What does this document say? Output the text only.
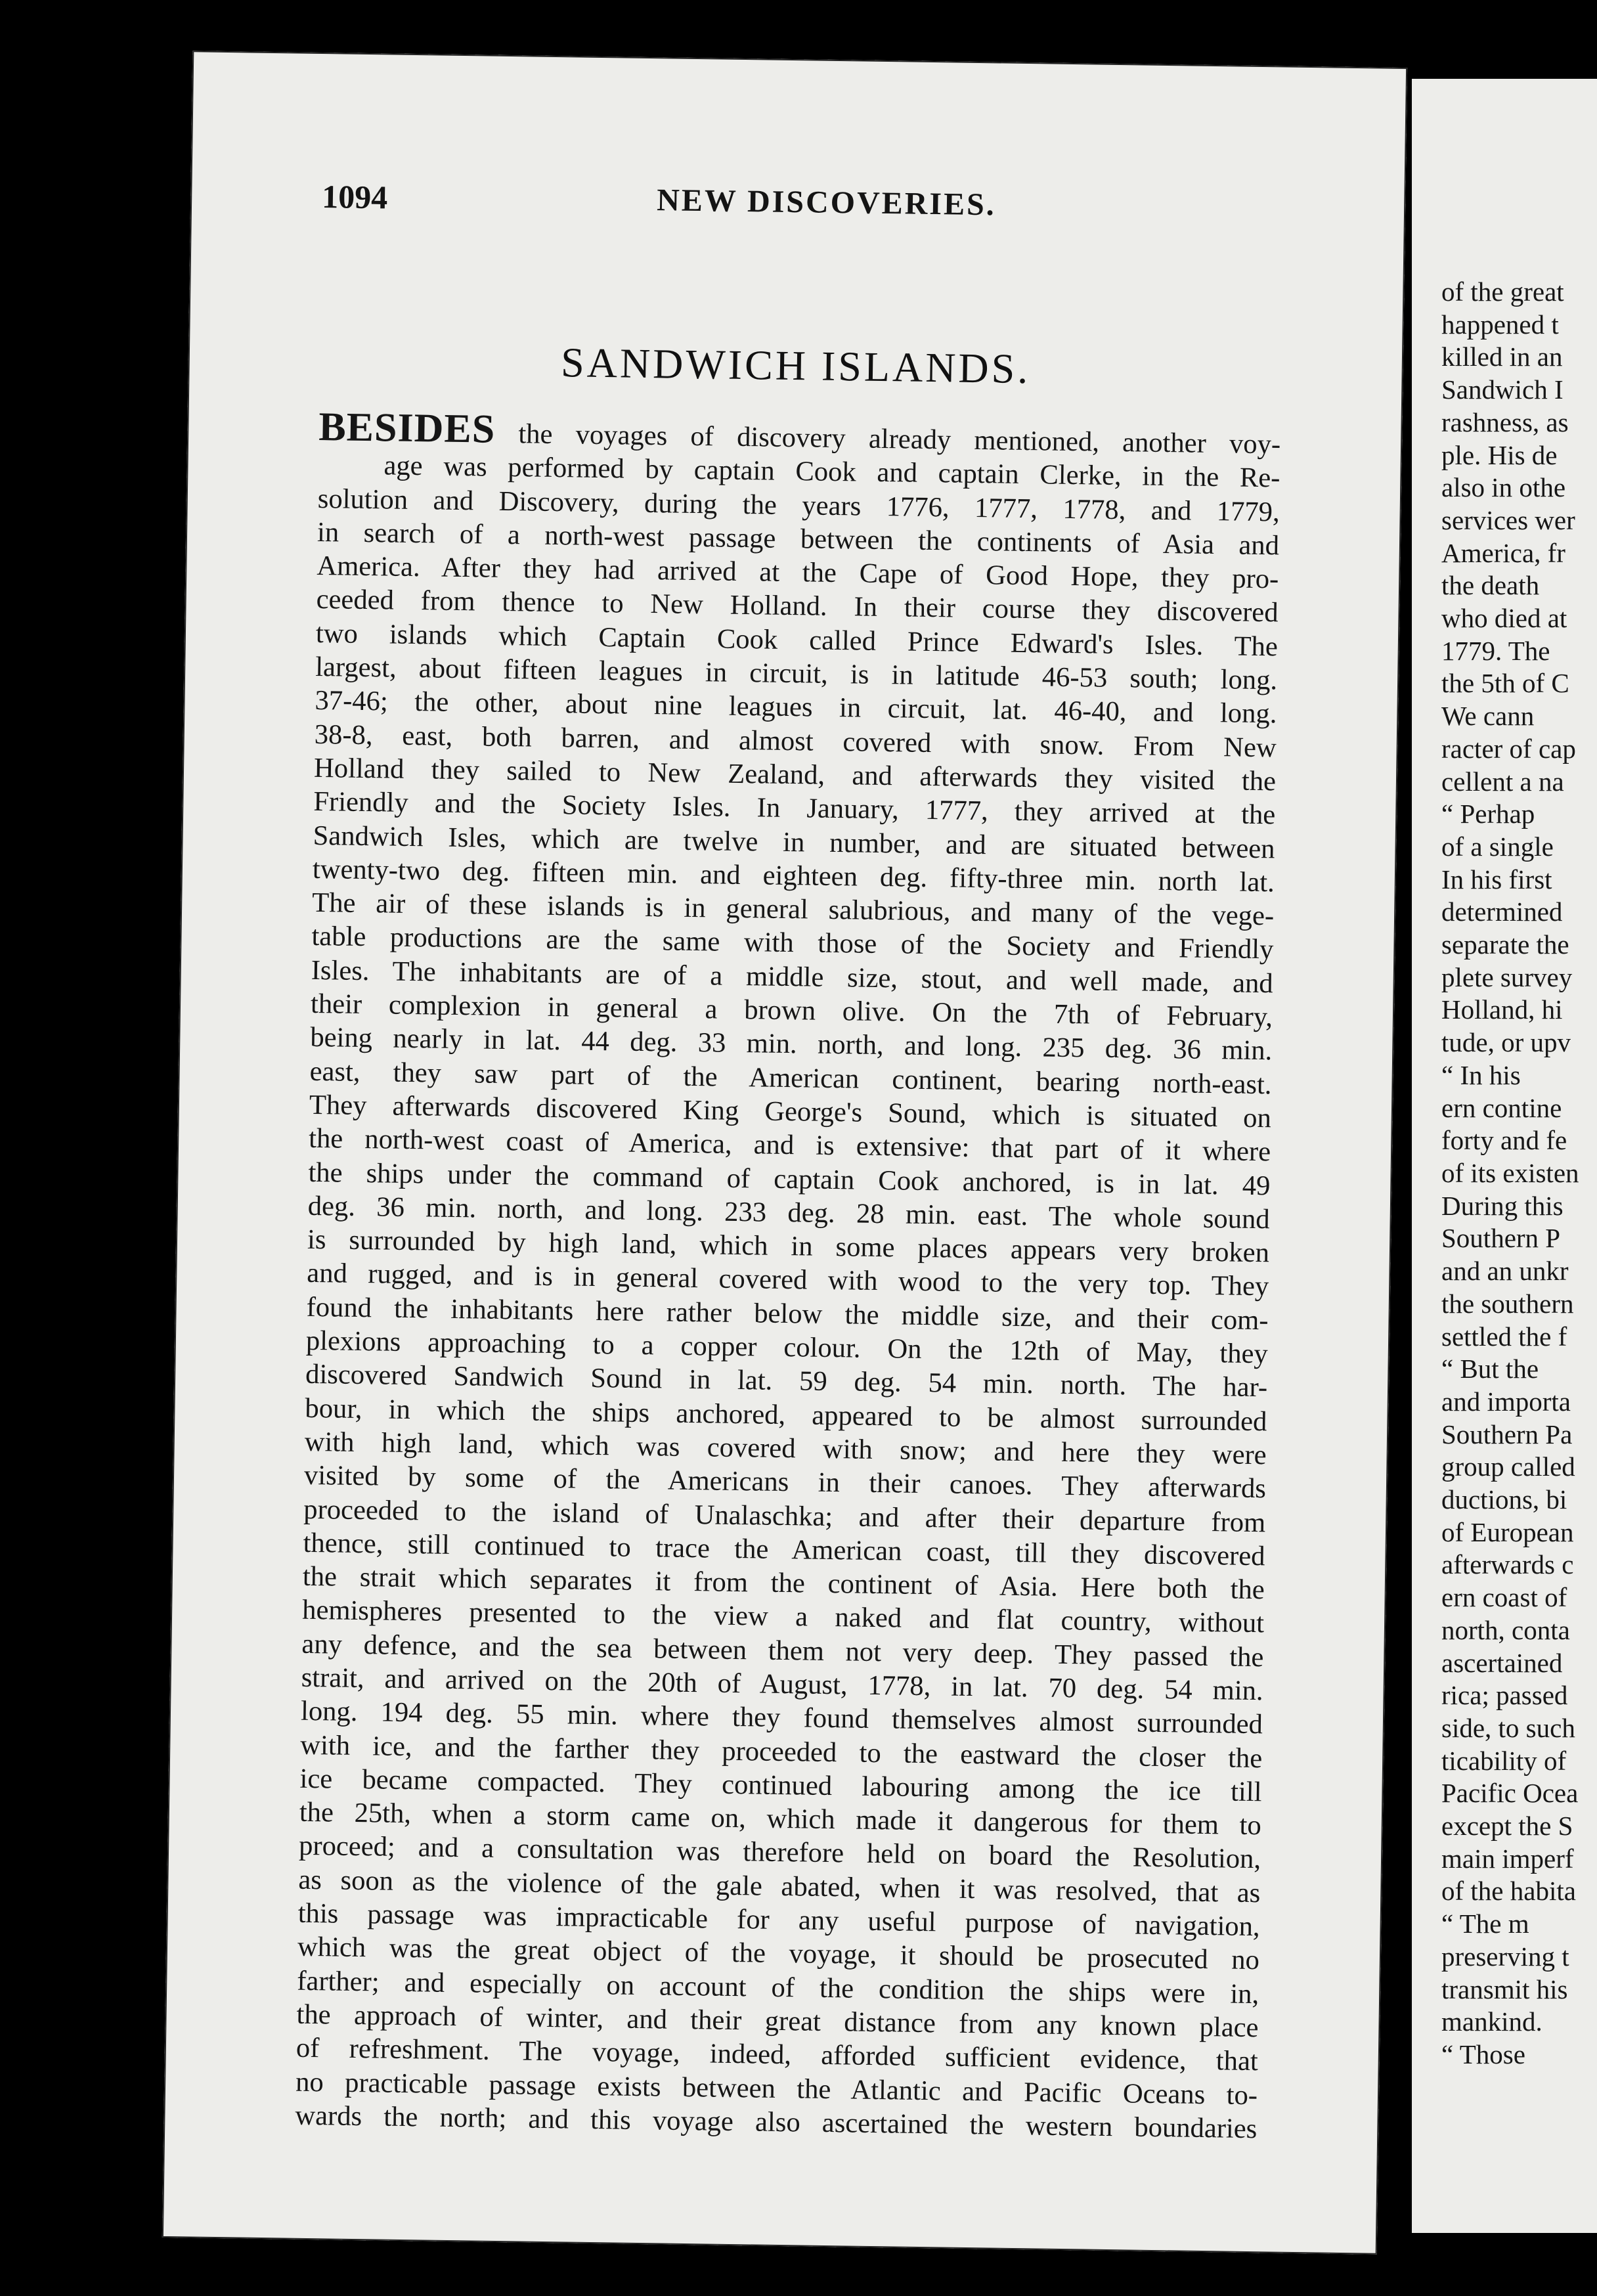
1094	NEW DISCOVERIES.
SANDWICH ISLANDS.
BESIDES the voyages of discovery already mentioned, another voy-
age was performed by captain Cook and captain Clerke, in the Re-
solution and Discovery, during the years 1776, 1777, 1778, and 1779,
in search of a north-west passage between the continents of Asia and
America. After they had arrived at the Cape of Good Hope, they pro-
ceeded from thence to New Holland. In their course they discovered
two islands which Captain Cook called Prince Edward's Isles. The
largest, about fifteen leagues in circuit, is in latitude 46-53 south; long.
37-46; the other, about nine leagues in circuit, lat. 46-40, and long.
38-8, east, both barren, and almost covered with snow. From New
Holland they sailed to New Zealand, and afterwards they visited the
Friendly and the Society Isles. In January, 1777, they arrived at the
Sandwich Isles, which are twelve in number, and are situated between
twenty-two deg. fifteen min. and eighteen deg. fifty-three min. north lat.
The air of these islands is in general salubrious, and many of the vege-
table productions are the same with those of the Society and Friendly
Isles. The inhabitants are of a middle size, stout, and well made, and
their complexion in general a brown olive. On the 7th of February,
being nearly in lat. 44 deg. 33 min. north, and long. 235 deg. 36 min.
east, they saw part of the American continent, bearing north-east.
They afterwards discovered King George's Sound, which is situated on
the north-west coast of America, and is extensive: that part of it where
the ships under the command of captain Cook anchored, is in lat. 49
deg. 36 min. north, and long. 233 deg. 28 min. east. The whole sound
is surrounded by high land, which in some places appears very broken
and rugged, and is in general covered with wood to the very top. They
found the inhabitants here rather below the middle size, and their com-
plexions approaching to a copper colour. On the 12th of May, they
discovered Sandwich Sound in lat. 59 deg. 54 min. north. The har-
bour, in which the ships anchored, appeared to be almost surrounded
with high land, which was covered with snow; and here they were
visited by some of the Americans in their canoes. They afterwards
proceeded to the island of Unalaschka; and after their departure from
thence, still continued to trace the American coast, till they discovered
the strait which separates it from the continent of Asia. Here both the
hemispheres presented to the view a naked and flat country, without
any defence, and the sea between them not very deep. They passed the
strait, and arrived on the 20th of August, 1778, in lat. 70 deg. 54 min.
long. 194 deg. 55 min. where they found themselves almost surrounded
with ice, and the farther they proceeded to the eastward the closer the
ice became compacted. They continued labouring among the ice till
the 25th, when a storm came on, which made it dangerous for them to
proceed; and a consultation was therefore held on board the Resolution,
as soon as the violence of the gale abated, when it was resolved, that as
this passage was impracticable for any useful purpose of navigation,
which was the great object of the voyage, it should be prosecuted no
farther; and especially on account of the condition the ships were in,
the approach of winter, and their great distance from any known place
of refreshment. The voyage, indeed, afforded sufficient evidence, that
no practicable passage exists between the Atlantic and Pacific Oceans to-
wards the north; and this voyage also ascertained the western boundaries
of the great
happened t
killed in an
Sandwich I
rashness, as
ple. His de
also in othe
services wer
America, fr
the death
who died at
1779. The
the 5th of C
We cann
racter of cap
cellent a na
“ Perhap
of a single
In his first
determined
separate the
plete survey
Holland, hi
tude, or upv
“ In his
ern contine
forty and fe
of its existen
During this
Southern P
and an unkr
the southern
settled the f
“ But the
and importa
Southern Pa
group called
ductions, bi
of European
afterwards c
ern coast of
north, conta
ascertained
rica; passed
side, to such
ticability of
Pacific Ocea
except the S
main imperf
of the habita
“ The m
preserving t
transmit his
mankind.
“ Those
